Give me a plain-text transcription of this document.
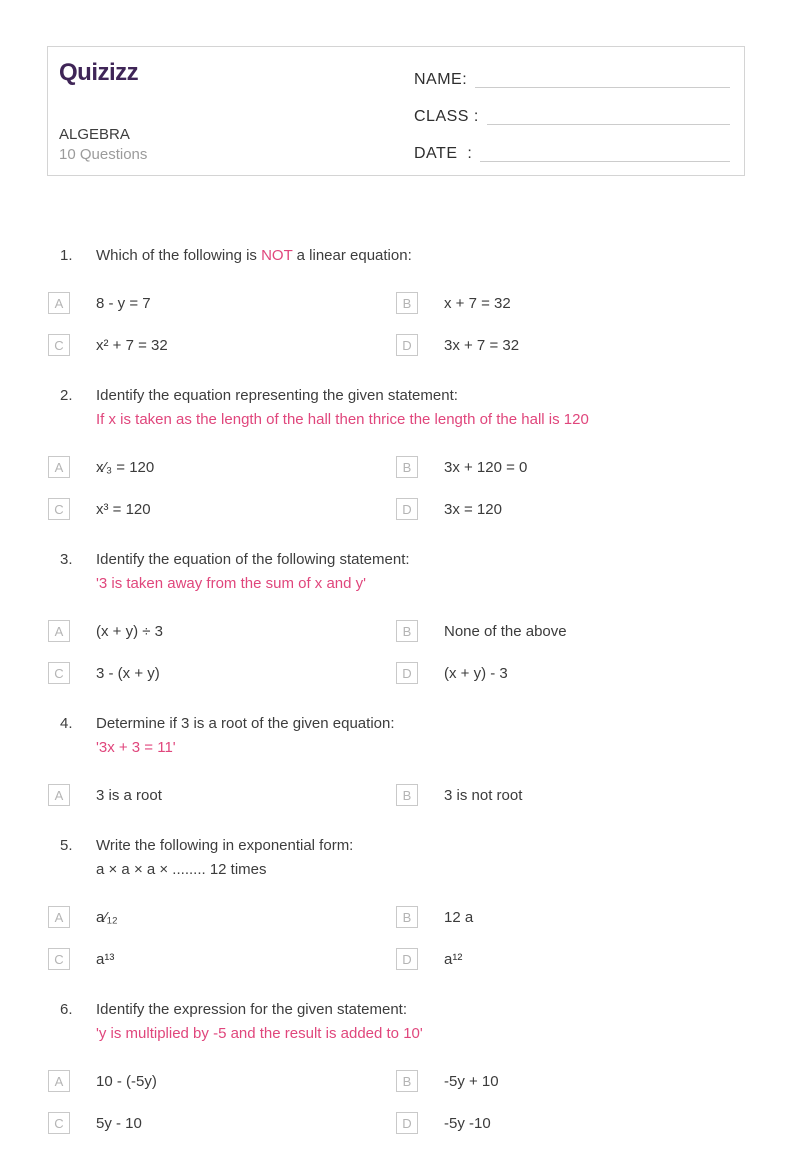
Quizizz
ALGEBRA
10 Questions
NAME:
CLASS :
DATE  :
1.	Which of the following is NOT a linear equation:
A	8 - y = 7	B	x + 7 = 32
C	x² + 7 = 32	D	3x + 7 = 32
2.	Identify the equation representing the given statement:
If x is taken as the length of the hall then thrice the length of the hall is 120
A	x⁄₃ = 120	B	3x + 120 = 0
C	x³ = 120	D	3x = 120
3.	Identify the equation of the following statement:
'3 is taken away from the sum of x and y'
A	(x + y) ÷ 3	B	None of the above
C	3 - (x + y)	D	(x + y) - 3
4.	Determine if 3 is a root of the given equation:
'3x + 3 = 11'
A	3 is a root	B	3 is not root
5.	Write the following in exponential form:
a × a × a × ........ 12 times
A	a⁄₁₂	B	12 a
C	a¹³	D	a¹²
6.	Identify the expression for the given statement:
'y is multiplied by -5 and the result is added to 10'
A	10 - (-5y)	B	-5y + 10
C	5y - 10	D	-5y -10
